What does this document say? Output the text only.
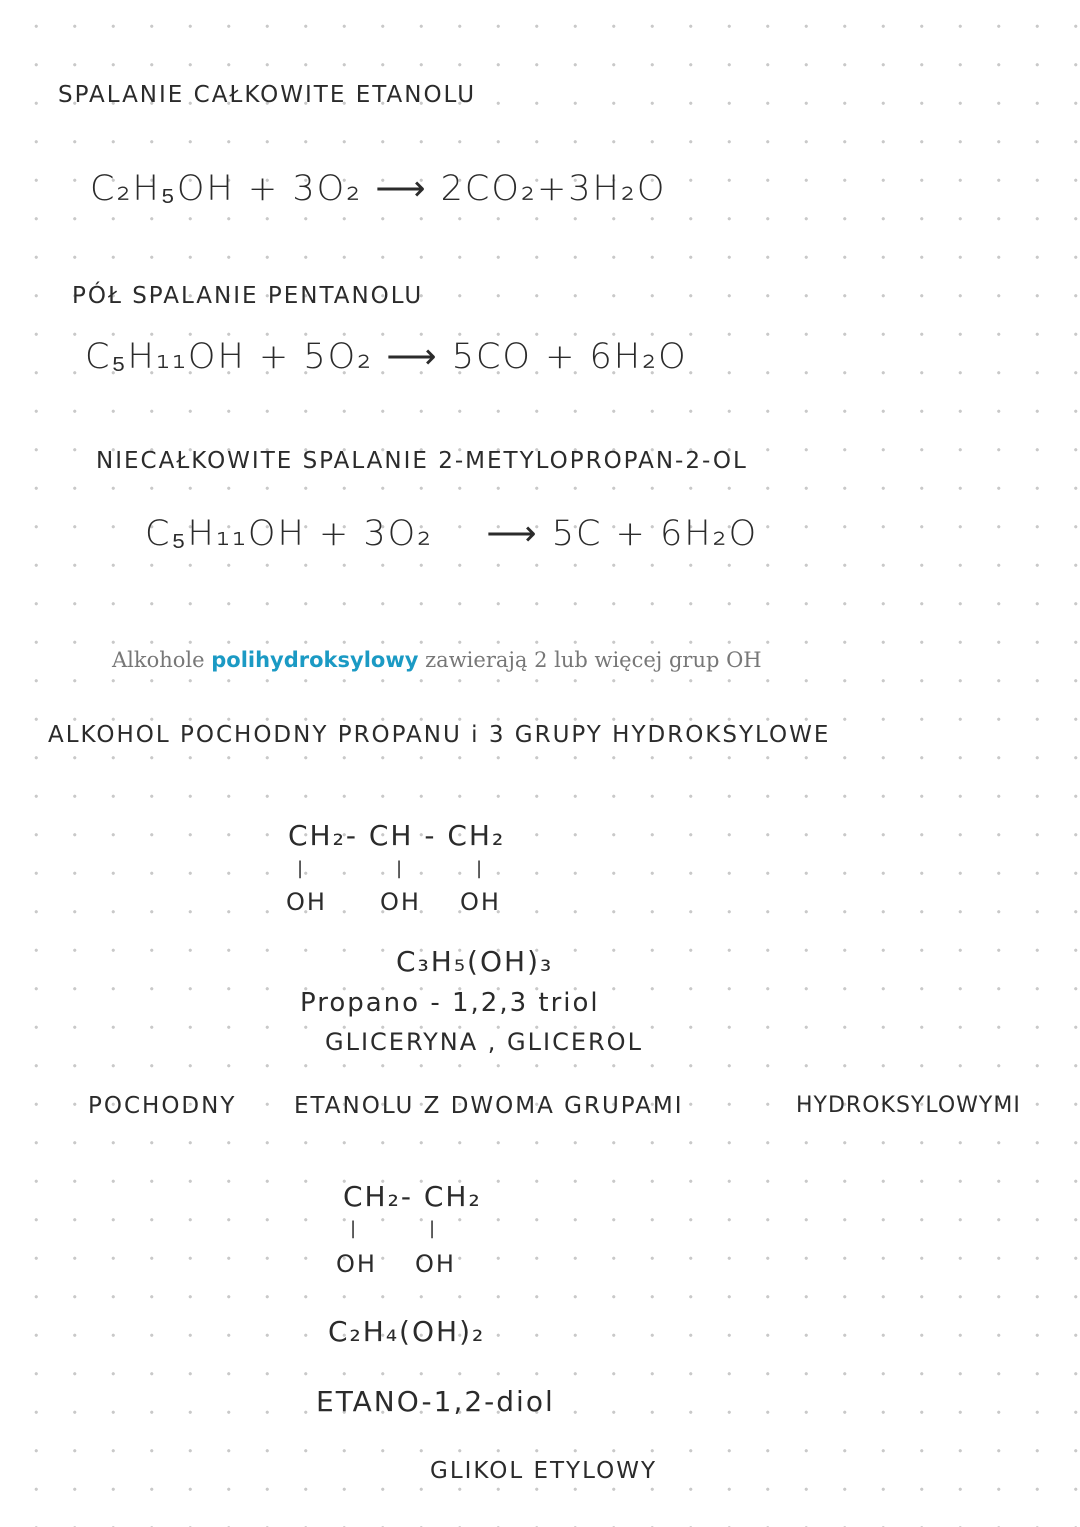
SPALANIE CAŁKOWITE ETANOLU
C₂H₅OH + 3O₂ ⟶ 2CO₂+3H₂O
PÓŁ SPALANIE PENTANOLU
C₅H₁₁OH + 5O₂ ⟶ 5CO + 6H₂O
NIECAŁKOWITE SPALANIE 2-METYLOPROPAN-2-OL
C₅H₁₁OH + 3O₂ ⟶ 5C + 6H₂O
Alkohole polihydroksylowy zawierają 2 lub więcej grup OH
ALKOHOL POCHODNY PROPANU i 3 GRUPY HYDROKSYLOWE
CH₂- CH - CH₂
|	|	|
OH OH OH
C₃H₅(OH)₃
Propano - 1,2,3 triol
GLICERYNA , GLICEROL
POCHODNY	ETANOLU Z DWOMA GRUPAMI	HYDROKSYLOWYMI
CH₂- CH₂
|	|
OH OH
C₂H₄(OH)₂
ETANO-1,2-diol
GLIKOL ETYLOWY
